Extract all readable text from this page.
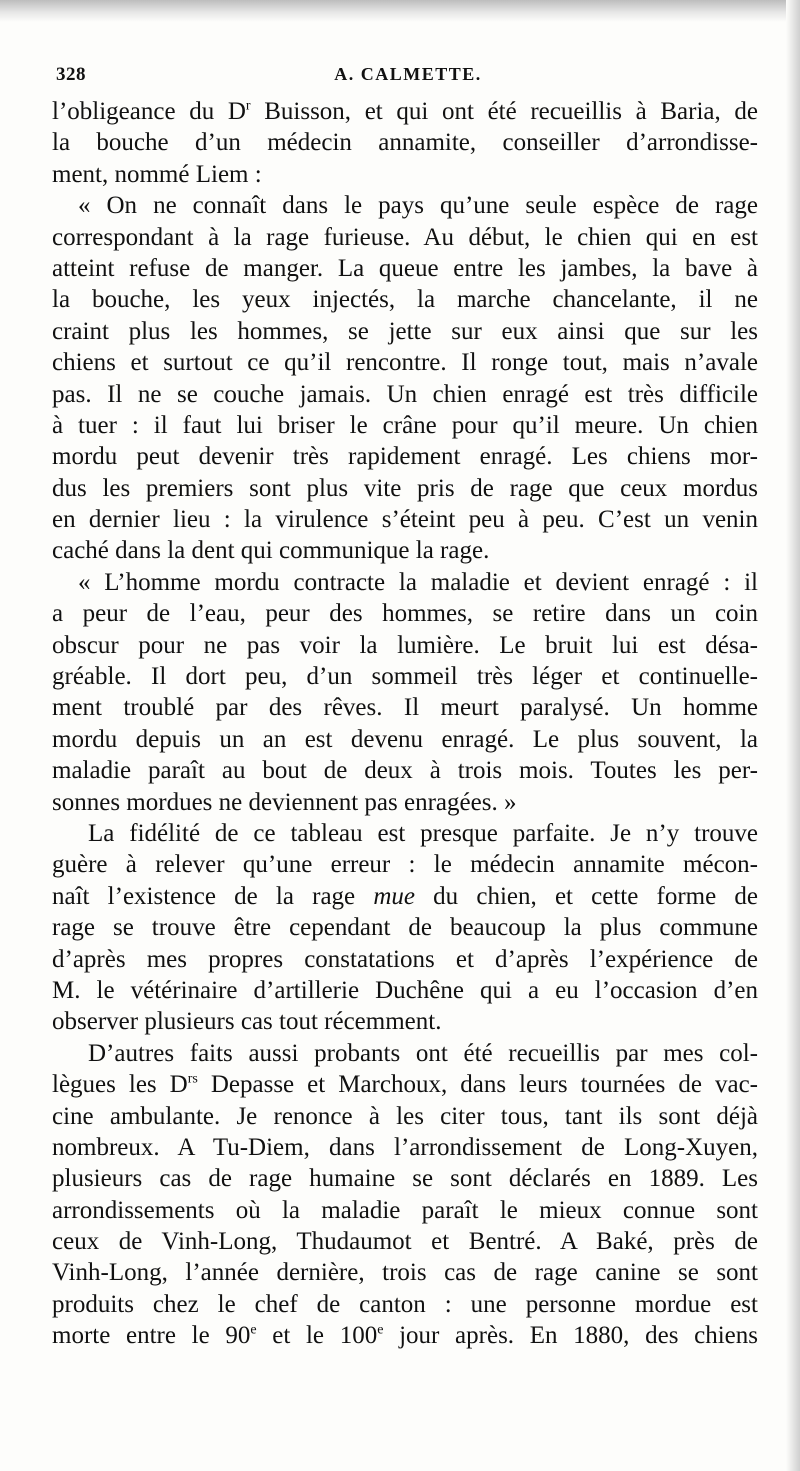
328	A. CALMETTE.
l’obligeance du $D^r$ Buisson, et qui ont été recueillis à Baria, de
la bouche d’un médecin annamite, conseiller d’arrondisse-
ment, nommé Liem :
« On ne connaît dans le pays qu’une seule espèce de rage
correspondant à la rage furieuse. Au début, le chien qui en est
atteint refuse de manger. La queue entre les jambes, la bave à
la bouche, les yeux injectés, la marche chancelante, il ne
craint plus les hommes, se jette sur eux ainsi que sur les
chiens et surtout ce qu’il rencontre. Il ronge tout, mais n’avale
pas. Il ne se couche jamais. Un chien enragé est très difficile
à tuer : il faut lui briser le crâne pour qu’il meure. Un chien
mordu peut devenir très rapidement enragé. Les chiens mor-
dus les premiers sont plus vite pris de rage que ceux mordus
en dernier lieu : la virulence s’éteint peu à peu. C’est un venin
caché dans la dent qui communique la rage.
« L’homme mordu contracte la maladie et devient enragé : il
a peur de l’eau, peur des hommes, se retire dans un coin
obscur pour ne pas voir la lumière. Le bruit lui est désa-
gréable. Il dort peu, d’un sommeil très léger et continuelle-
ment troublé par des rêves. Il meurt paralysé. Un homme
mordu depuis un an est devenu enragé. Le plus souvent, la
maladie paraît au bout de deux à trois mois. Toutes les per-
sonnes mordues ne deviennent pas enragées. »
La fidélité de ce tableau est presque parfaite. Je n’y trouve
guère à relever qu’une erreur : le médecin annamite mécon-
naît l’existence de la rage mue du chien, et cette forme de
rage se trouve être cependant de beaucoup la plus commune
d’après mes propres constatations et d’après l’expérience de
M. le vétérinaire d’artillerie Duchêne qui a eu l’occasion d’en
observer plusieurs cas tout récemment.
D’autres faits aussi probants ont été recueillis par mes col-
lègues les $D^{rs}$ Depasse et Marchoux, dans leurs tournées de vac-
cine ambulante. Je renonce à les citer tous, tant ils sont déjà
nombreux. A Tu-Diem, dans l’arrondissement de Long-Xuyen,
plusieurs cas de rage humaine se sont déclarés en 1889. Les
arrondissements où la maladie paraît le mieux connue sont
ceux de Vinh-Long, Thudaumot et Bentré. A Baké, près de
Vinh-Long, l’année dernière, trois cas de rage canine se sont
produits chez le chef de canton : une personne mordue est
morte entre le 90e et le 100e jour après. En 1880, des chiens
